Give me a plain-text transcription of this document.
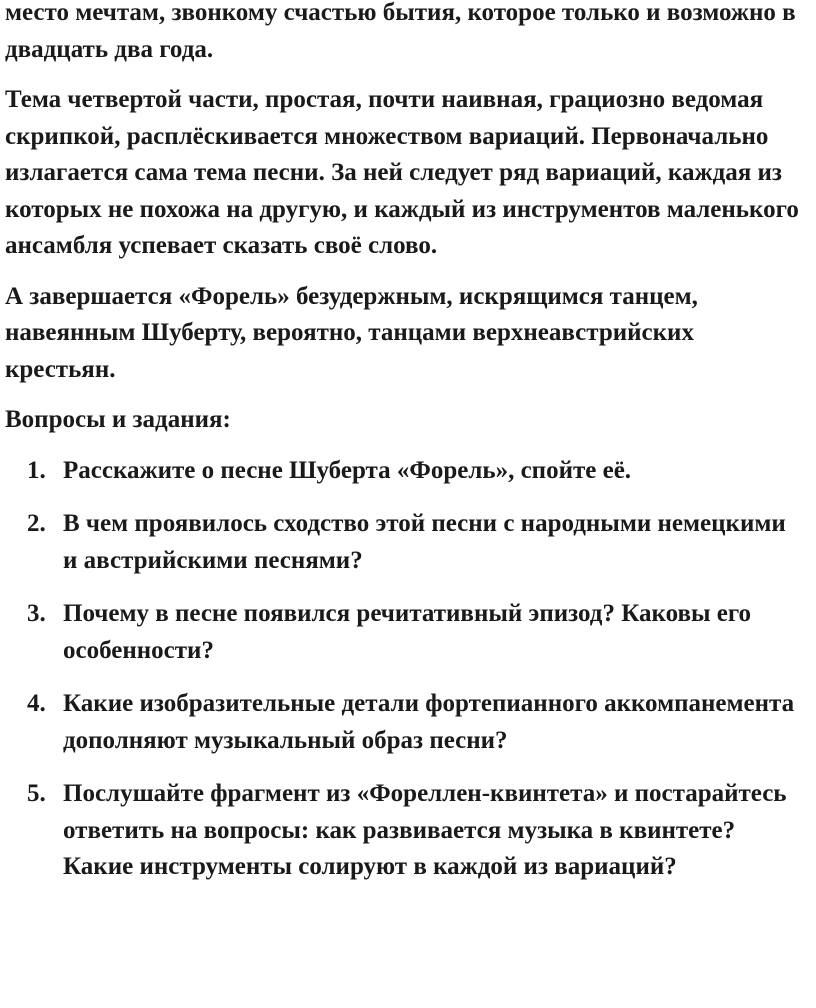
место мечтам, звонкому счастью бытия, которое только и возможно в двадцать два года.

Тема четвертой части, простая, почти наивная, грациозно ведомая скрипкой, расплёскивается множеством вариаций. Первоначально излагается сама тема песни. За ней следует ряд вариаций, каждая из которых не похожа на другую, и каждый из инструментов маленького ансамбля успевает сказать своё слово.

А завершается «Форель» безудержным, искрящимся танцем, навеянным Шуберту, вероятно, танцами верхнеавстрийских крестьян.

Вопросы и задания:

1. Расскажите о песне Шуберта «Форель», спойте её.
2. В чем проявилось сходство этой песни с народными немецкими и австрийскими песнями?
3. Почему в песне появился речитативный эпизод? Каковы его особенности?
4. Какие изобразительные детали фортепианного аккомпанемента дополняют музыкальный образ песни?
5. Послушайте фрагмент из «Фореллен-квинтета» и постарайтесь ответить на вопросы: как развивается музыка в квинтете? Какие инструменты солируют в каждой из вариаций?
